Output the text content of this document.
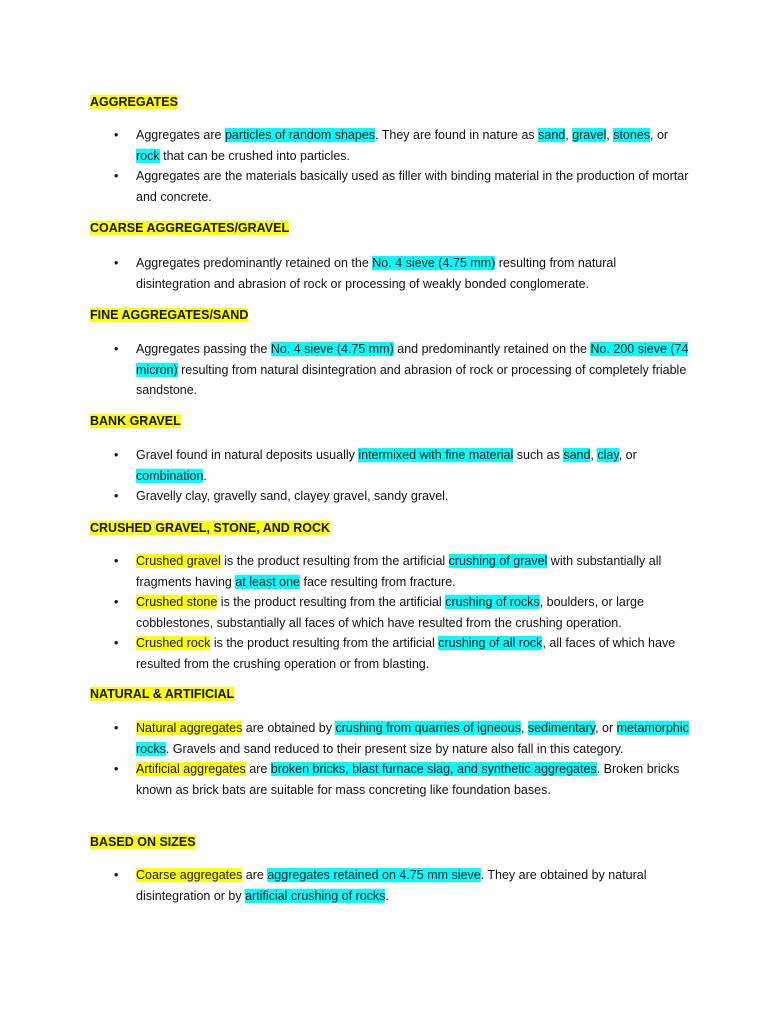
AGGREGATES
• Aggregates are particles of random shapes. They are found in nature as sand, gravel, stones, or rock that can be crushed into particles.
• Aggregates are the materials basically used as filler with binding material in the production of mortar and concrete.
COARSE AGGREGATES/GRAVEL
• Aggregates predominantly retained on the No. 4 sieve (4.75 mm) resulting from natural disintegration and abrasion of rock or processing of weakly bonded conglomerate.
FINE AGGREGATES/SAND
• Aggregates passing the No. 4 sieve (4.75 mm) and predominantly retained on the No. 200 sieve (74 micron) resulting from natural disintegration and abrasion of rock or processing of completely friable sandstone.
BANK GRAVEL
• Gravel found in natural deposits usually intermixed with fine material such as sand, clay, or combination.
• Gravelly clay, gravelly sand, clayey gravel, sandy gravel.
CRUSHED GRAVEL, STONE, AND ROCK
• Crushed gravel is the product resulting from the artificial crushing of gravel with substantially all fragments having at least one face resulting from fracture.
• Crushed stone is the product resulting from the artificial crushing of rocks, boulders, or large cobblestones, substantially all faces of which have resulted from the crushing operation.
• Crushed rock is the product resulting from the artificial crushing of all rock, all faces of which have resulted from the crushing operation or from blasting.
NATURAL & ARTIFICIAL
• Natural aggregates are obtained by crushing from quarries of igneous, sedimentary, or metamorphic rocks. Gravels and sand reduced to their present size by nature also fall in this category.
• Artificial aggregates are broken bricks, blast furnace slag, and synthetic aggregates. Broken bricks known as brick bats are suitable for mass concreting like foundation bases.
BASED ON SIZES
• Coarse aggregates are aggregates retained on 4.75 mm sieve. They are obtained by natural disintegration or by artificial crushing of rocks.
